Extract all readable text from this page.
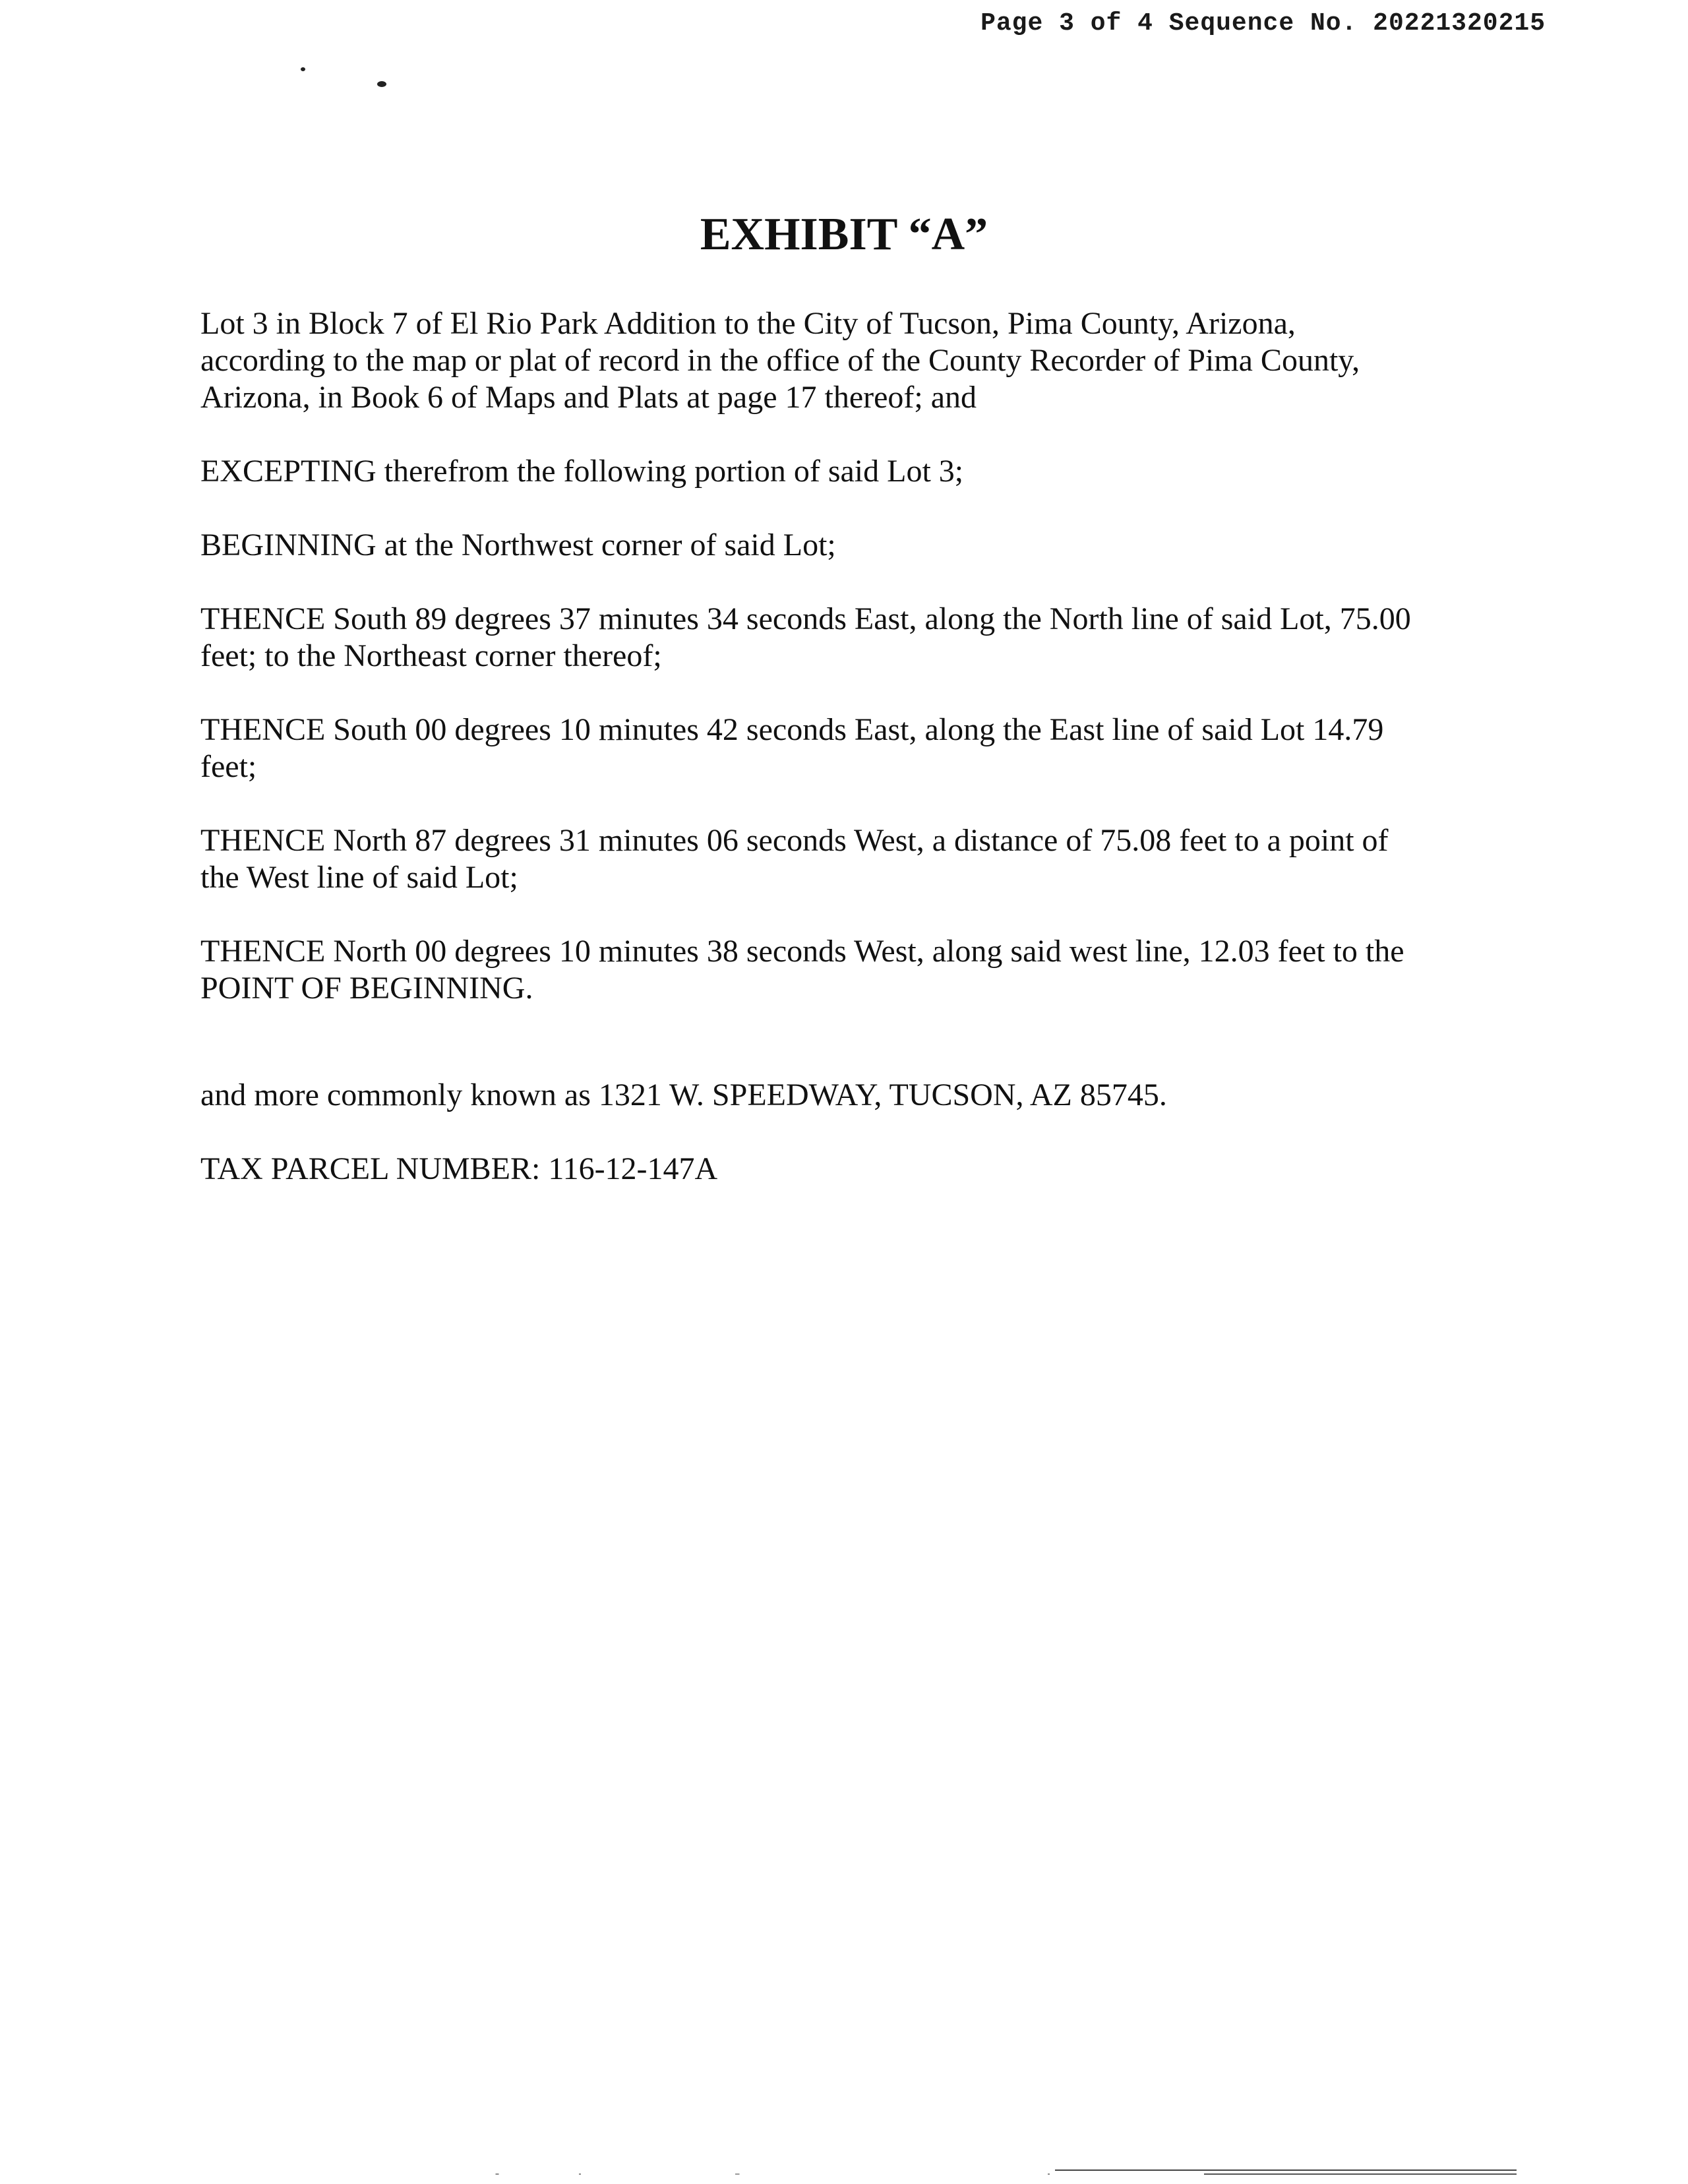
Page 3 of 4 Sequence No. 20221320215
EXHIBIT “A”

Lot 3 in Block 7 of El Rio Park Addition to the City of Tucson, Pima County, Arizona,
according to the map or plat of record in the office of the County Recorder of Pima County,
Arizona, in Book 6 of Maps and Plats at page 17 thereof; and

EXCEPTING therefrom the following portion of said Lot 3;

BEGINNING at the Northwest corner of said Lot;

THENCE South 89 degrees 37 minutes 34 seconds East, along the North line of said Lot, 75.00
feet; to the Northeast corner thereof;

THENCE South 00 degrees 10 minutes 42 seconds East, along the East line of said Lot 14.79
feet;

THENCE North 87 degrees 31 minutes 06 seconds West, a distance of 75.08 feet to a point of
the West line of said Lot;

THENCE North 00 degrees 10 minutes 38 seconds West, along said west line, 12.03 feet to the
POINT OF BEGINNING.

and more commonly known as 1321 W. SPEEDWAY, TUCSON, AZ 85745.

TAX PARCEL NUMBER: 116-12-147A
